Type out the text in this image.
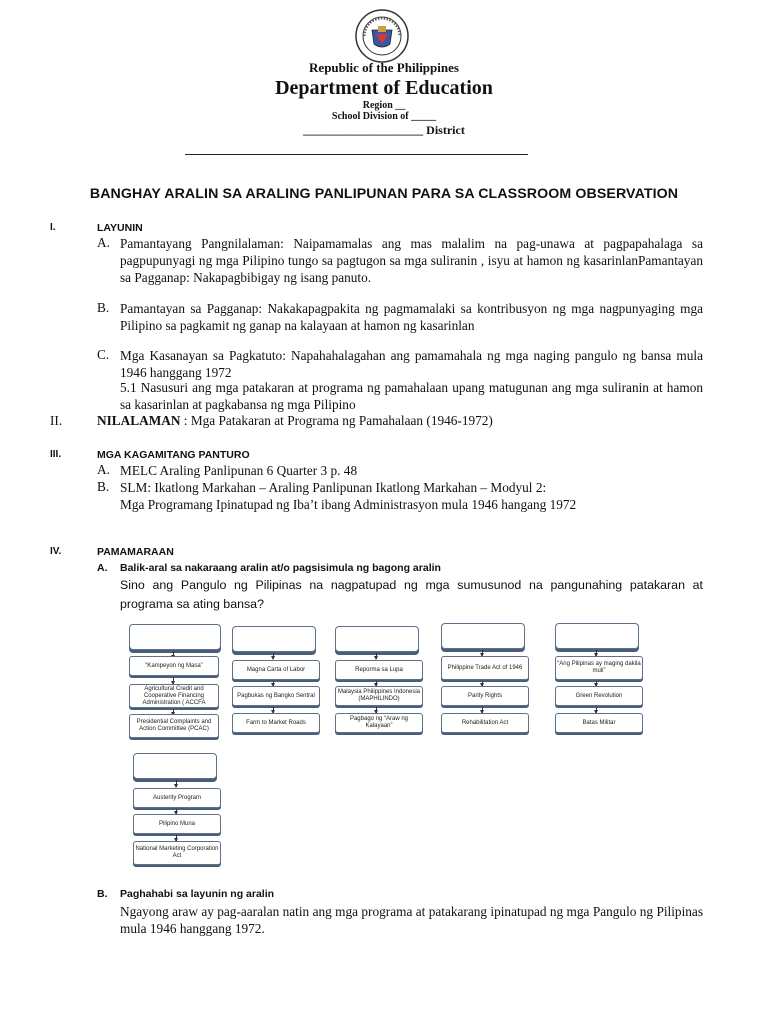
Republic of the Philippines
Department of Education
Region __
School Division of _____
____________________ District
BANGHAY ARALIN SA ARALING PANLIPUNAN PARA SA CLASSROOM OBSERVATION
I.	LAYUNIN
A. Pamantayang Pangnilalaman: Naipamamalas ang mas malalim na pag-unawa at pagpapahalaga sa pagpupunyagi ng mga Pilipino tungo sa pagtugon sa mga suliranin , isyu at hamon ng kasarinlanPamantayan sa Pagganap: Nakapagbibigay ng isang panuto.
B. Pamantayan sa Pagganap: Nakakapagpakita ng pagmamalaki sa kontribusyon ng mga nagpunyaging mga Pilipino sa pagkamit ng ganap na kalayaan at hamon ng kasarinlan
C. Mga Kasanayan sa Pagkatuto: Napahahalagahan ang pamamahala ng mga naging pangulo ng bansa mula 1946 hanggang 1972
5.1 Nasusuri ang mga patakaran at programa ng pamahalaan upang matugunan ang mga suliranin at hamon sa kasarinlan at pagkabansa ng mga Pilipino
II.	NILALAMAN : Mga Patakaran at Programa ng Pamahalaan (1946-1972)
III.	MGA KAGAMITANG PANTURO
A. MELC Araling Panlipunan 6 Quarter 3 p. 48
B. SLM: Ikatlong Markahan – Araling Panlipunan Ikatlong Markahan – Modyul 2:
Mga Programang Ipinatupad ng Iba’t ibang Administrasyon mula 1946 hangang 1972
IV.	PAMAMARAAN
A. Balik-aral sa nakaraang aralin at/o pagsisimula ng bagong aralin
Sino ang Pangulo ng Pilipinas na nagpatupad ng mga sumusunod na pangunahing patakaran at programa sa ating bansa?
“Kampeyon ng Masa”
Agricultural Credit and Cooperative Financing Administration ( ACCFA
Presidential Complaints and Action Committee (PCAC)
Magna Carta of Labor
Pagbukas ng Bangko Sentral
Farm to Market Roads
Reporma sa Lupa
Malaysia Philippines Indonesia (MAPHILINDO)
Pagbago ng “Araw ng Kalayaan”
Philippine Trade Act of 1946
Parity Rights
Rehabilitation Act
“Ang Pilipinas ay maging dakila muli”
Green Revolution
Batas Militar
Austerity Program
Pilipino Muna
National Marketing Corporation Act
B. Paghahabi sa layunin ng aralin
Ngayong araw ay pag-aaralan natin ang mga programa at patakarang ipinatupad ng mga Pangulo ng Pilipinas mula 1946 hanggang 1972.
